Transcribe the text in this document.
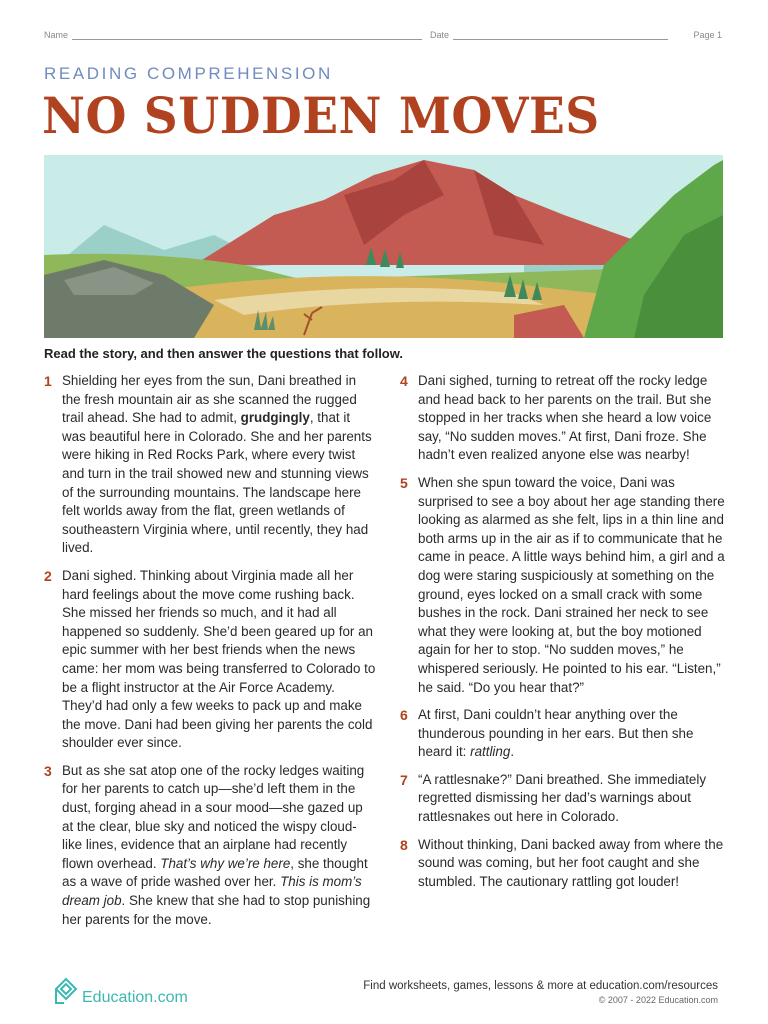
Name	Date	Page 1
READING COMPREHENSION
NO SUDDEN MOVES
Read the story, and then answer the questions that follow.
1 Shielding her eyes from the sun, Dani breathed in the fresh mountain air as she scanned the rugged trail ahead. She had to admit, grudgingly, that it was beautiful here in Colorado. She and her parents were hiking in Red Rocks Park, where every twist and turn in the trail showed new and stunning views of the surrounding mountains. The landscape here felt worlds away from the flat, green wetlands of southeastern Virginia where, until recently, they had lived.
2 Dani sighed. Thinking about Virginia made all her hard feelings about the move come rushing back. She missed her friends so much, and it had all happened so suddenly. She’d been geared up for an epic summer with her best friends when the news came: her mom was being transferred to Colorado to be a flight instructor at the Air Force Academy. They’d had only a few weeks to pack up and make the move. Dani had been giving her parents the cold shoulder ever since.
3 But as she sat atop one of the rocky ledges waiting for her parents to catch up—she’d left them in the dust, forging ahead in a sour mood—she gazed up at the clear, blue sky and noticed the wispy cloud-like lines, evidence that an airplane had recently flown overhead. That’s why we’re here, she thought as a wave of pride washed over her. This is mom’s dream job. She knew that she had to stop punishing her parents for the move.
4 Dani sighed, turning to retreat off the rocky ledge and head back to her parents on the trail. But she stopped in her tracks when she heard a low voice say, “No sudden moves.” At first, Dani froze. She hadn’t even realized anyone else was nearby!
5 When she spun toward the voice, Dani was surprised to see a boy about her age standing there looking as alarmed as she felt, lips in a thin line and both arms up in the air as if to communicate that he came in peace. A little ways behind him, a girl and a dog were staring suspiciously at something on the ground, eyes locked on a small crack with some bushes in the rock. Dani strained her neck to see what they were looking at, but the boy motioned again for her to stop. “No sudden moves,” he whispered seriously. He pointed to his ear. “Listen,” he said. “Do you hear that?”
6 At first, Dani couldn’t hear anything over the thunderous pounding in her ears. But then she heard it: rattling.
7 “A rattlesnake?” Dani breathed. She immediately regretted dismissing her dad’s warnings about rattlesnakes out here in Colorado.
8 Without thinking, Dani backed away from where the sound was coming, but her foot caught and she stumbled. The cautionary rattling got louder!
Education.com
Find worksheets, games, lessons & more at education.com/resources
© 2007 - 2022 Education.com
